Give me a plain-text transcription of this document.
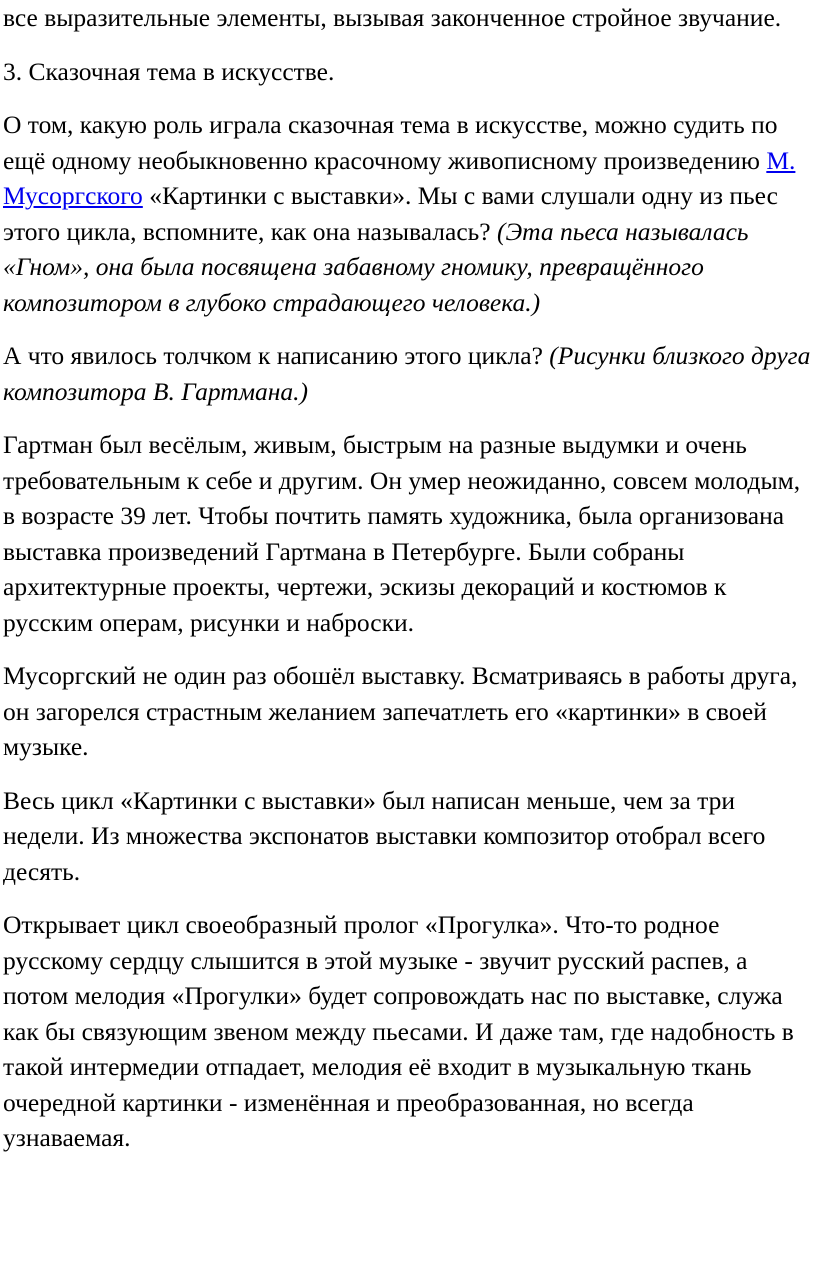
все выразительные элементы, вызывая законченное стройное звучание.

3. Сказочная тема в искусстве.

О том, какую роль играла сказочная тема в искусстве, можно судить по ещё одному необыкновенно красочному живописному произведению М. Мусоргского «Картинки с выставки». Мы с вами слушали одну из пьес этого цикла, вспомните, как она называлась? (Эта пьеса называлась «Гном», она была посвящена забавному гномику, превращённого композитором в глубоко страдающего человека.)

А что явилось толчком к написанию этого цикла? (Рисунки близкого друга композитора В. Гартмана.)

Гартман был весёлым, живым, быстрым на разные выдумки и очень требовательным к себе и другим. Он умер неожиданно, совсем молодым, в возрасте 39 лет. Чтобы почтить память художника, была организована выставка произведений Гартмана в Петербурге. Были собраны архитектурные проекты, чертежи, эскизы декораций и костюмов к русским операм, рисунки и наброски.

Мусоргский не один раз обошёл выставку. Всматриваясь в работы друга, он загорелся страстным желанием запечатлеть его «картинки» в своей музыке.

Весь цикл «Картинки с выставки» был написан меньше, чем за три недели. Из множества экспонатов выставки композитор отобрал всего десять.

Открывает цикл своеобразный пролог «Прогулка». Что-то родное русскому сердцу слышится в этой музыке - звучит русский распев, а потом мелодия «Прогулки» будет сопровождать нас по выставке, служа как бы связующим звеном между пьесами. И даже там, где надобность в такой интермедии отпадает, мелодия её входит в музыкальную ткань очередной картинки - изменённая и преобразованная, но всегда узнаваемая.
